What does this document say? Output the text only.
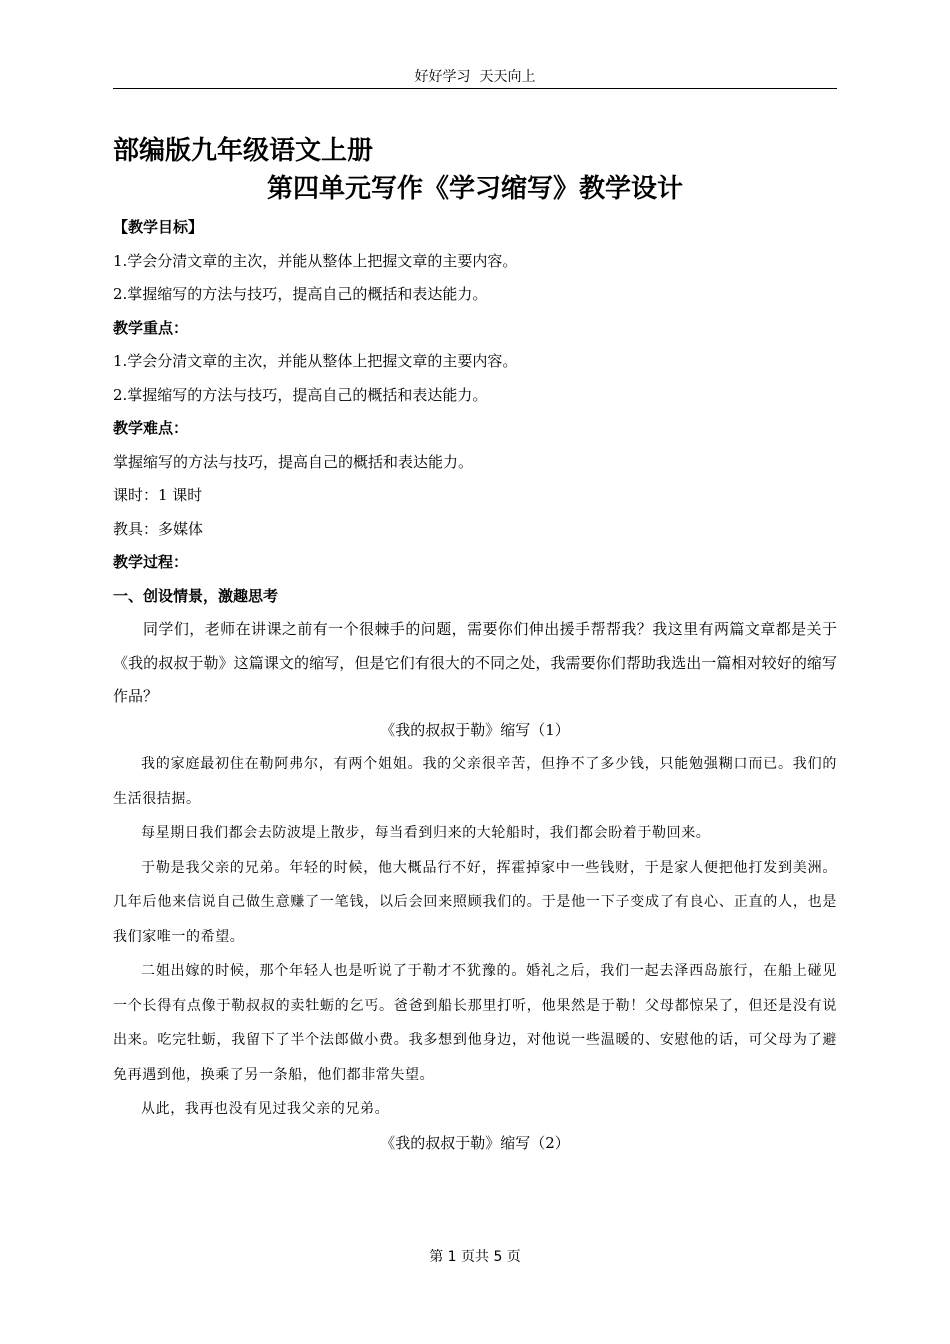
好好学习  天天向上
部编版九年级语文上册
第四单元写作《学习缩写》教学设计

【教学目标】

1.学会分清文章的主次，并能从整体上把握文章的主要内容。

2.掌握缩写的方法与技巧，提高自己的概括和表达能力。

教学重点：

1.学会分清文章的主次，并能从整体上把握文章的主要内容。

2.掌握缩写的方法与技巧，提高自己的概括和表达能力。

教学难点：

掌握缩写的方法与技巧，提高自己的概括和表达能力。

课时：1 课时

教具：多媒体

教学过程：

一、创设情景，激趣思考

同学们，老师在讲课之前有一个很棘手的问题，需要你们伸出援手帮帮我？我这里有两篇文章都是关于《我的叔叔于勒》这篇课文的缩写，但是它们有很大的不同之处，我需要你们帮助我选出一篇相对较好的缩写作品？

《我的叔叔于勒》缩写（1）

我的家庭最初住在勒阿弗尔，有两个姐姐。我的父亲很辛苦，但挣不了多少钱，只能勉强糊口而已。我们的生活很拮据。

每星期日我们都会去防波堤上散步，每当看到归来的大轮船时，我们都会盼着于勒回来。

于勒是我父亲的兄弟。年轻的时候，他大概品行不好，挥霍掉家中一些钱财，于是家人便把他打发到美洲。几年后他来信说自己做生意赚了一笔钱，以后会回来照顾我们的。于是他一下子变成了有良心、正直的人，也是我们家唯一的希望。

二姐出嫁的时候，那个年轻人也是听说了于勒才不犹豫的。婚礼之后，我们一起去泽西岛旅行，在船上碰见一个长得有点像于勒叔叔的卖牡蛎的乞丐。爸爸到船长那里打听，他果然是于勒！父母都惊呆了，但还是没有说出来。吃完牡蛎，我留下了半个法郎做小费。我多想到他身边，对他说一些温暖的、安慰他的话，可父母为了避免再遇到他，换乘了另一条船，他们都非常失望。

从此，我再也没有见过我父亲的兄弟。

《我的叔叔于勒》缩写（2）

第 1 页共 5 页
